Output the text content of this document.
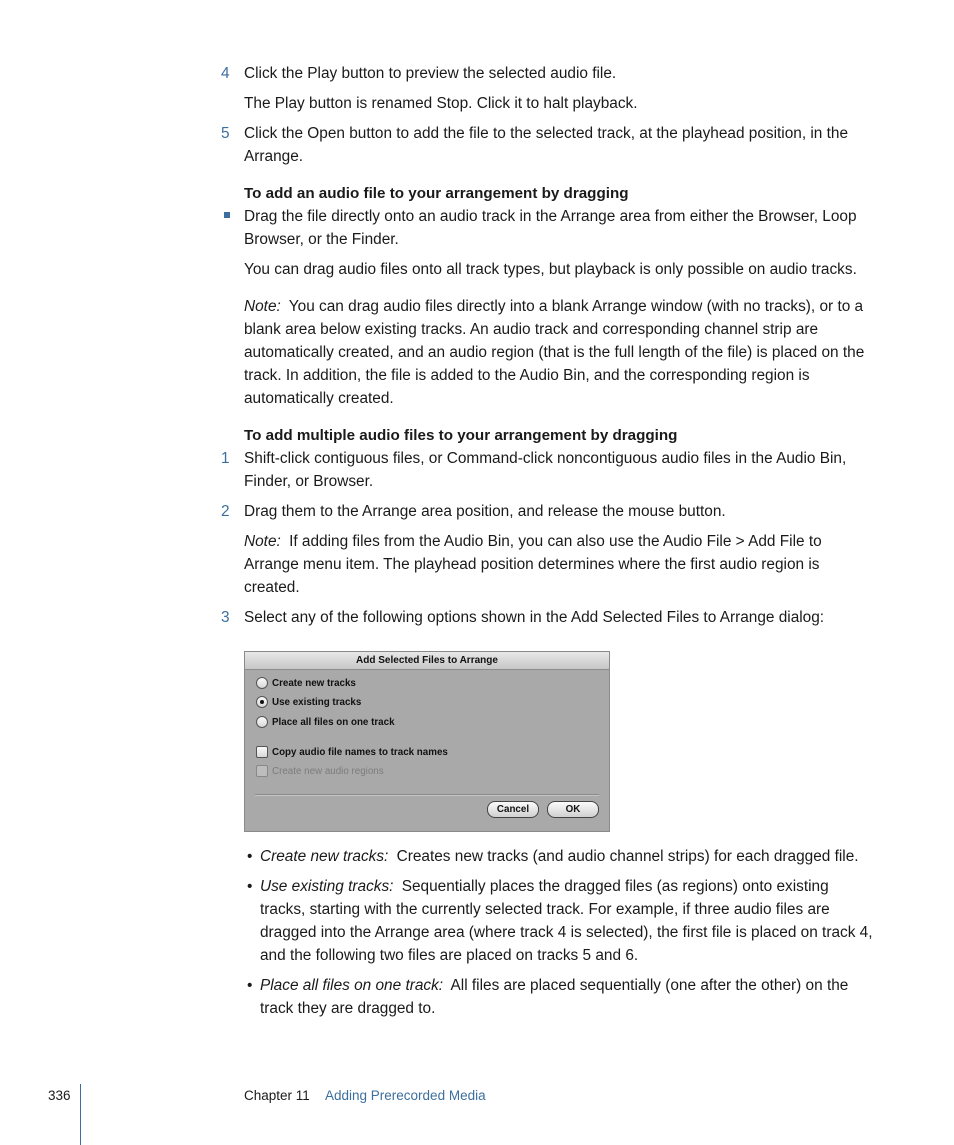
4 Click the Play button to preview the selected audio file.
The Play button is renamed Stop. Click it to halt playback.
5 Click the Open button to add the file to the selected track, at the playhead position, in the Arrange.
To add an audio file to your arrangement by dragging
Drag the file directly onto an audio track in the Arrange area from either the Browser, Loop Browser, or the Finder.
You can drag audio files onto all track types, but playback is only possible on audio tracks.
Note: You can drag audio files directly into a blank Arrange window (with no tracks), or to a blank area below existing tracks. An audio track and corresponding channel strip are automatically created, and an audio region (that is the full length of the file) is placed on the track. In addition, the file is added to the Audio Bin, and the corresponding region is automatically created.
To add multiple audio files to your arrangement by dragging
1 Shift-click contiguous files, or Command-click noncontiguous audio files in the Audio Bin, Finder, or Browser.
2 Drag them to the Arrange area position, and release the mouse button.
Note: If adding files from the Audio Bin, you can also use the Audio File > Add File to Arrange menu item. The playhead position determines where the first audio region is created.
3 Select any of the following options shown in the Add Selected Files to Arrange dialog:
Add Selected Files to Arrange
Create new tracks
Use existing tracks
Place all files on one track
Copy audio file names to track names
Create new audio regions
Cancel	OK
• Create new tracks: Creates new tracks (and audio channel strips) for each dragged file.
• Use existing tracks: Sequentially places the dragged files (as regions) onto existing tracks, starting with the currently selected track. For example, if three audio files are dragged into the Arrange area (where track 4 is selected), the first file is placed on track 4, and the following two files are placed on tracks 5 and 6.
• Place all files on one track: All files are placed sequentially (one after the other) on the track they are dragged to.
336	Chapter 11 Adding Prerecorded Media
